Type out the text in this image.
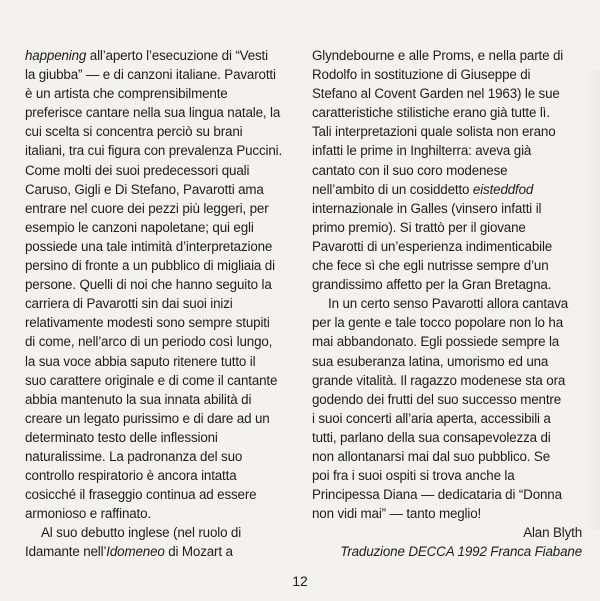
happening all’aperto l’esecuzione di “Vesti
la giubba” — e di canzoni italiane. Pavarotti
è un artista che comprensibilmente
preferisce cantare nella sua lingua natale, la
cui scelta si concentra perciò su brani
italiani, tra cui figura con prevalenza Puccini.
Come molti dei suoi predecessori quali
Caruso, Gigli e Di Stefano, Pavarotti ama
entrare nel cuore dei pezzi più leggeri, per
esempio le canzoni napoletane; qui egli
possiede una tale intimità d’interpretazione
persino di fronte a un pubblico di migliaia di
persone. Quelli di noi che hanno seguito la
carriera di Pavarotti sin dai suoi inizi
relativamente modesti sono sempre stupiti
di come, nell’arco di un periodo così lungo,
la sua voce abbia saputo ritenere tutto il
suo carattere originale e di come il cantante
abbia mantenuto la sua innata abilità di
creare un legato purissimo e di dare ad un
determinato testo delle inflessioni
naturalissime. La padronanza del suo
controllo respiratorio è ancora intatta
cosicché il fraseggio continua ad essere
armonioso e raffinato.
Al suo debutto inglese (nel ruolo di
Idamante nell’Idomeneo di Mozart a
Glyndebourne e alle Proms, e nella parte di
Rodolfo in sostituzione di Giuseppe di
Stefano al Covent Garden nel 1963) le sue
caratteristiche stilistiche erano già tutte lì.
Tali interpretazioni quale solista non erano
infatti le prime in Inghilterra: aveva già
cantato con il suo coro modenese
nell’ambito di un cosiddetto eisteddfod
internazionale in Galles (vinsero infatti il
primo premio). Si trattò per il giovane
Pavarotti di un’esperienza indimenticabile
che fece sì che egli nutrisse sempre d’un
grandissimo affetto per la Gran Bretagna.
In un certo senso Pavarotti allora cantava
per la gente e tale tocco popolare non lo ha
mai abbandonato. Egli possiede sempre la
sua esuberanza latina, umorismo ed una
grande vitalità. Il ragazzo modenese sta ora
godendo dei frutti del suo successo mentre
i suoi concerti all’aria aperta, accessibili a
tutti, parlano della sua consapevolezza di
non allontanarsi mai dal suo pubblico. Se
poi fra i suoi ospiti si trova anche la
Principessa Diana — dedicataria di “Donna
non vidi mai” — tanto meglio!
Alan Blyth
Traduzione DECCA 1992 Franca Fiabane
12
